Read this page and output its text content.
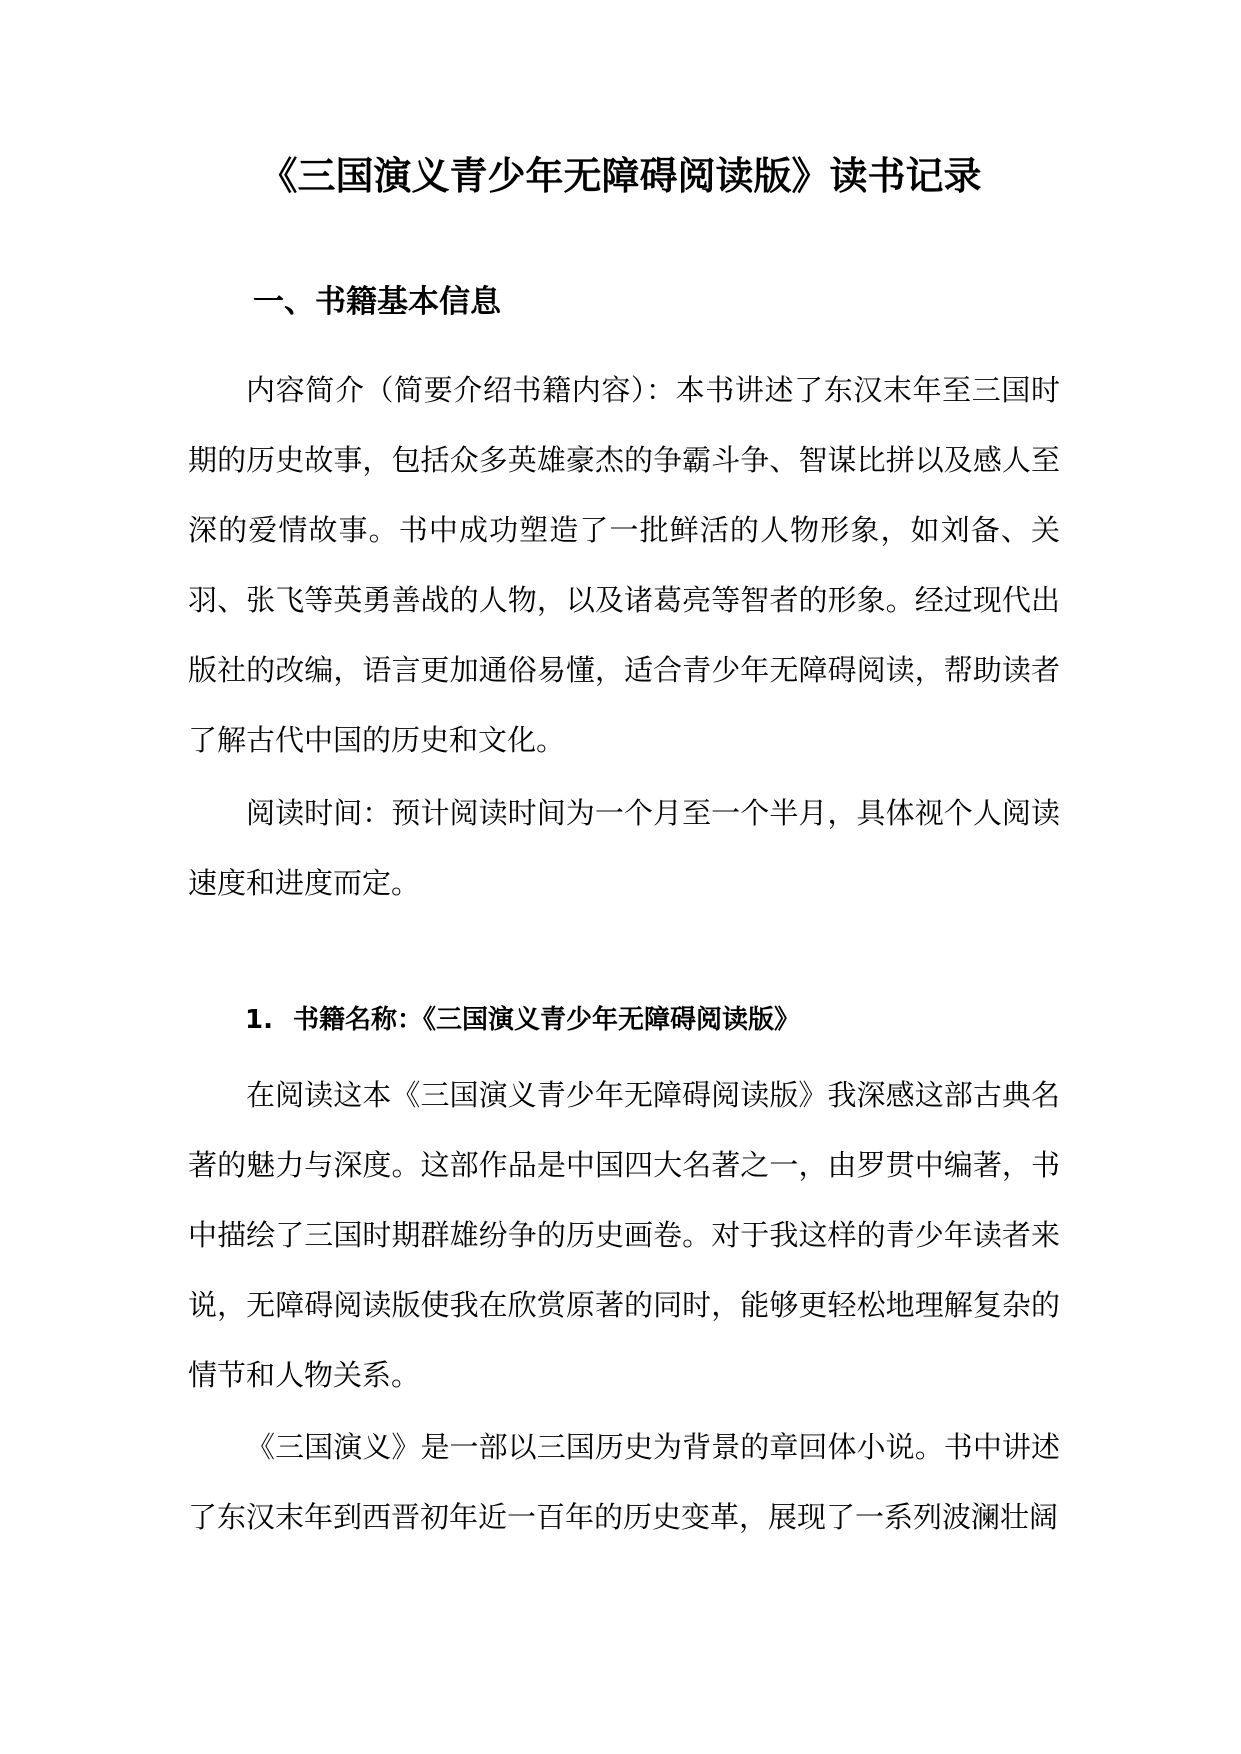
《三国演义青少年无障碍阅读版》读书记录
一、书籍基本信息

内容简介（简要介绍书籍内容）：本书讲述了东汉末年至三国时期的历史故事，包括众多英雄豪杰的争霸斗争、智谋比拼以及感人至深的爱情故事。书中成功塑造了一批鲜活的人物形象，如刘备、关羽、张飞等英勇善战的人物，以及诸葛亮等智者的形象。经过现代出版社的改编，语言更加通俗易懂，适合青少年无障碍阅读，帮助读者了解古代中国的历史和文化。

阅读时间：预计阅读时间为一个月至一个半月，具体视个人阅读速度和进度而定。

1. 书籍名称：《三国演义青少年无障碍阅读版》

在阅读这本《三国演义青少年无障碍阅读版》我深感这部古典名著的魅力与深度。这部作品是中国四大名著之一，由罗贯中编著，书中描绘了三国时期群雄纷争的历史画卷。对于我这样的青少年读者来说，无障碍阅读版使我在欣赏原著的同时，能够更轻松地理解复杂的情节和人物关系。

《三国演义》是一部以三国历史为背景的章回体小说。书中讲述了东汉末年到西晋初年近一百年的历史变革，展现了一系列波澜壮阔
